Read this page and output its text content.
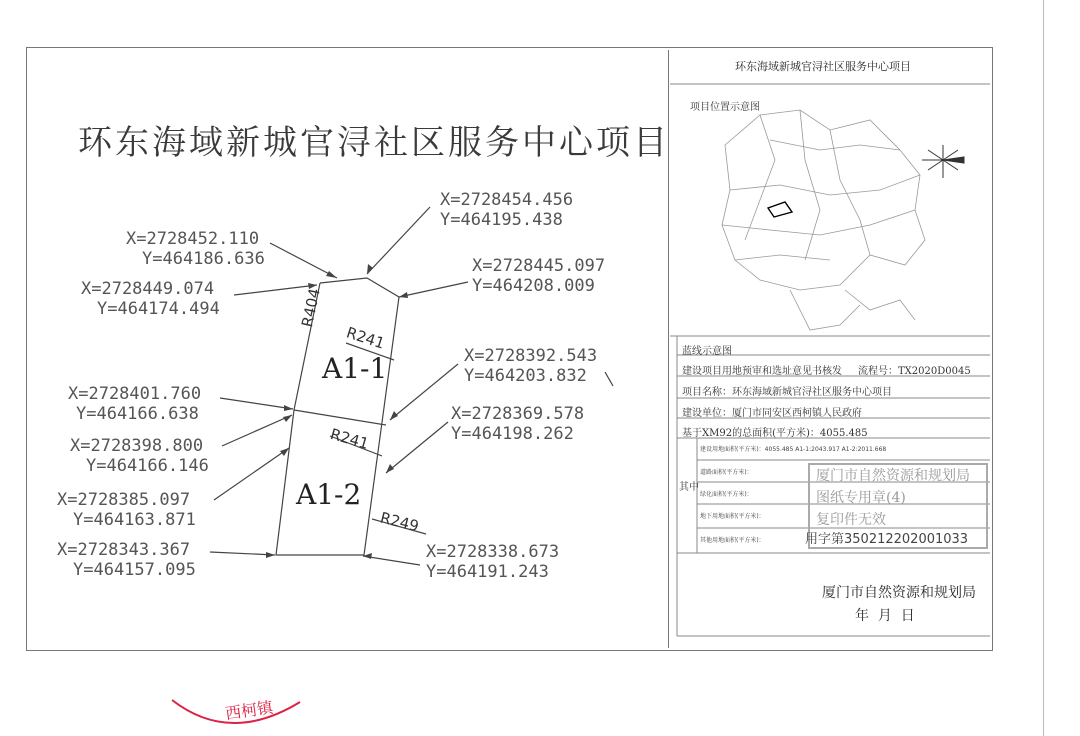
环东海域新城官浔社区服务中心项目
X=2728454.456
Y=464195.438
X=2728452.110
Y=464186.636	X=2728445.097
Y=464208.009
X=2728449.074
Y=464174.494
X=2728392.543
Y=464203.832
X=2728401.760
Y=464166.638	X=2728369.578
Y=464198.262
X=2728398.800
Y=464166.146
X=2728385.097
Y=464163.871
X=2728343.367
Y=464157.095
X=2728338.673
Y=464191.243
A1-1
A1-2
R404
R241
R241
R249
环东海域新城官浔社区服务中心项目
项目位置示意图
蓝线示意图
建设项目用地预审和选址意见书核发 流程号：TX2020D0045
项目名称：环东海域新城官浔社区服务中心项目
建设单位：厦门市同安区西柯镇人民政府
基于XM92的总面积(平方米)：4055.485
其中
建设用地面积(平方米)：4055.485 A1-1:2043.917 A1-2:2011.668
道路面积(平方米)：
绿化面积(平方米)：
地下用地面积(平方米)：
其他用地面积(平方米)：
厦门市自然资源和规划局
图纸专用章(4)
复印件无效
用字第350212202001033
厦门市自然资源和规划局
年  月  日
西柯镇
